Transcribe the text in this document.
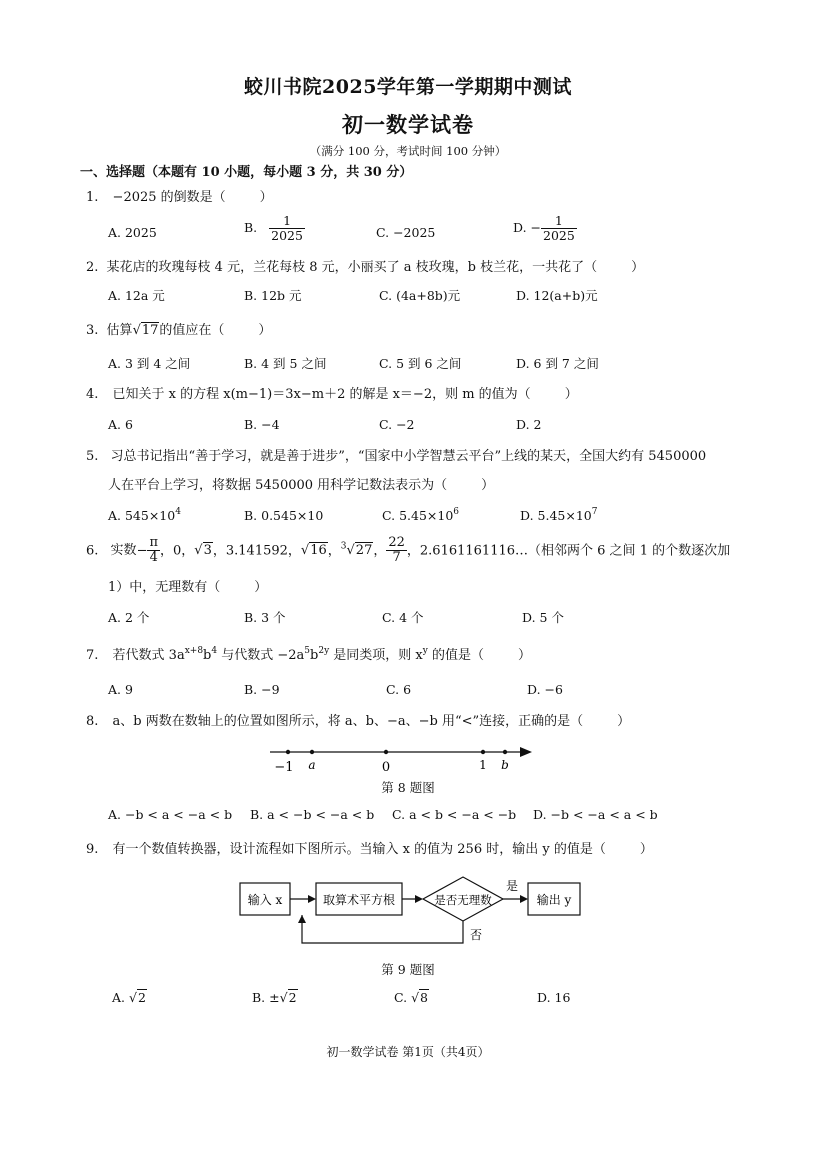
蛟川书院2025学年第一学期期中测试
初一数学试卷
（满分 100 分，考试时间 100 分钟）
一、选择题（本题有 10 小题，每小题 3 分，共 30 分）
1. −2025 的倒数是（	）
A. 2025	B. $\frac{1}{2025}$	C. −2025	D. − $\frac{1}{2025}$
2. 某花店的玫瑰每枝 4 元，兰花每枝 8 元，小丽买了 a 枝玫瑰，b 枝兰花，一共花了（	）
A. 12a 元	B. 12b 元	C. (4a+8b)元	D. 12(a+b)元
3. 估算√17的值应在（	）
A. 3 到 4 之间	B. 4 到 5 之间	C. 5 到 6 之间	D. 6 到 7 之间
4. 已知关于 x 的方程 x(m−1)＝3x−m＋2 的解是 x＝−2，则 m 的值为（	）
A. 6	B. −4	C. −2	D. 2
5. 习总书记指出“善于学习，就是善于进步”，“国家中小学智慧云平台”上线的某天，全国大约有 5450000
人在平台上学习，将数据 5450000 用科学记数法表示为（	）
A. $545\times 10^4$	B. 0.545×10	C. $5.45\times 10^6$	D. $5.45\times 10^7$
6. 实数− $\frac{\pi}{4}$ ，0，√3，3.141592，√16，$^3$√27， $\frac{22}{7}$ ，2.6161161116…（相邻两个 6 之间 1 的个数逐次加
1）中，无理数有（	）
A. 2 个	B. 3 个	C. 4 个	D. 5 个
7. 若代数式 $3a^{x+8}b^4$ 与代数式 $-2a^5b^{2y}$ 是同类项，则 $x^y$ 的值是（	）
A. 9	B. −9	C. 6	D. −6
8. a、b 两数在数轴上的位置如图所示，将 a、b、−a、−b 用“<”连接，正确的是（	）
−1 a	0	1 b
第 8 题图
A. −b < a < −a < b B. a < −b < −a < b C. a < b < −a < −b D. −b < −a < a < b
9. 有一个数值转换器，设计流程如下图所示。当输入 x 的值为 256 时，输出 y 的值是（	）
输入 x	取算术平方根	是否无理数
是
输出 y
否
第 9 题图
A. √2	B. ±√2	C. √8	D. 16
初一数学试卷 第1页（共4页）
